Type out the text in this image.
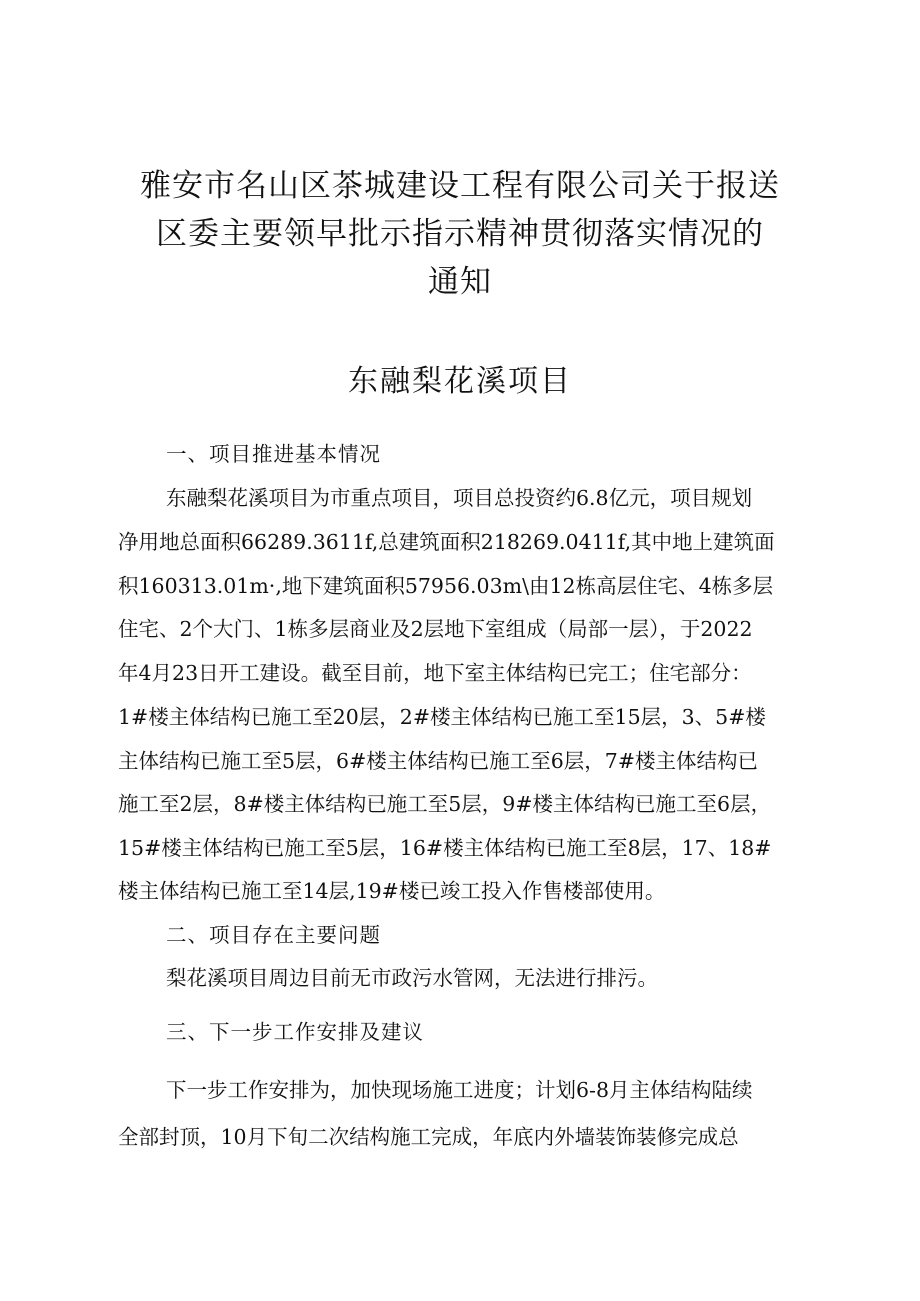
雅安市名山区茶城建设工程有限公司关于报送
区委主要领早批示指示精神贯彻落实情况的
通知
东融梨花溪项目
一、项目推进基本情况
东融梨花溪项目为市重点项目，项目总投资约6.8亿元，项目规划
净用地总面积66289.3611f,总建筑面积218269.0411f,其中地上建筑面
积160313.01m·,地下建筑面积57956.03m\由12栋高层住宅、4栋多层
住宅、2个大门、1栋多层商业及2层地下室组成（局部一层），于2022
年4月23日开工建设。截至目前，地下室主体结构已完工；住宅部分：
1#楼主体结构已施工至20层，2#楼主体结构已施工至15层，3、5#楼
主体结构已施工至5层，6#楼主体结构已施工至6层，7#楼主体结构已
施工至2层，8#楼主体结构已施工至5层，9#楼主体结构已施工至6层，
15#楼主体结构已施工至5层，16#楼主体结构已施工至8层，17、18#
楼主体结构已施工至14层,19#楼已竣工投入作售楼部使用。
二、项目存在主要问题
梨花溪项目周边目前无市政污水管网，无法进行排污。
三、下一步工作安排及建议
下一步工作安排为，加快现场施工进度；计划6-8月主体结构陆续
全部封顶，10月下旬二次结构施工完成，年底内外墙装饰装修完成总
